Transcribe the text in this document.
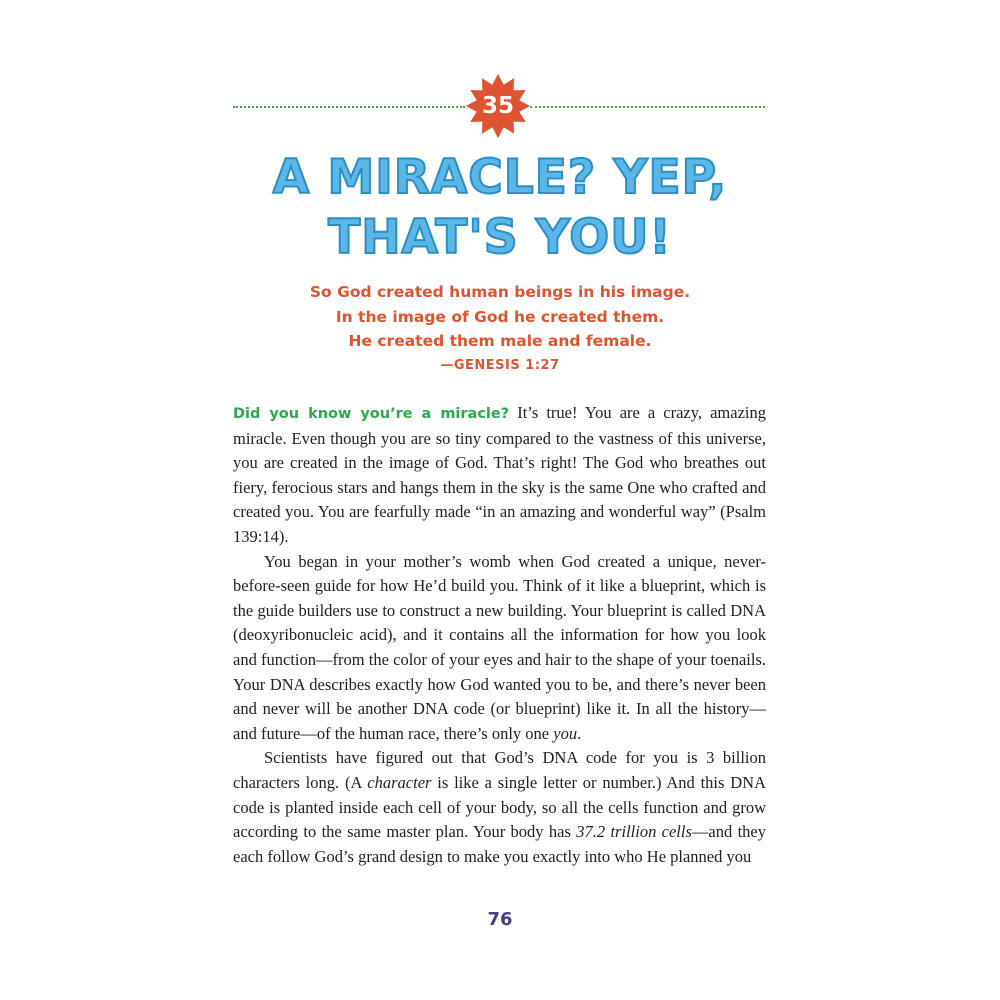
35
A MIRACLE? YEP,
THAT'S YOU!
So God created human beings in his image.
In the image of God he created them.
He created them male and female.
—GENESIS 1:27

Did you know you’re a miracle? It’s true! You are a crazy, amazing miracle. Even though you are so tiny compared to the vastness of this universe, you are created in the image of God. That’s right! The God who breathes out fiery, ferocious stars and hangs them in the sky is the same One who crafted and created you. You are fearfully made “in an amazing and wonderful way” (Psalm 139:14).

You began in your mother’s womb when God created a unique, never-before-seen guide for how He’d build you. Think of it like a blueprint, which is the guide builders use to construct a new building. Your blueprint is called DNA (deoxyribonucleic acid), and it contains all the information for how you look and function—from the color of your eyes and hair to the shape of your toenails. Your DNA describes exactly how God wanted you to be, and there’s never been and never will be another DNA code (or blueprint) like it. In all the history—and future—of the human race, there’s only one you.

Scientists have figured out that God’s DNA code for you is 3 billion characters long. (A character is like a single letter or number.) And this DNA code is planted inside each cell of your body, so all the cells function and grow according to the same master plan. Your body has 37.2 trillion cells—and they each follow God’s grand design to make you exactly into who He planned you

76
